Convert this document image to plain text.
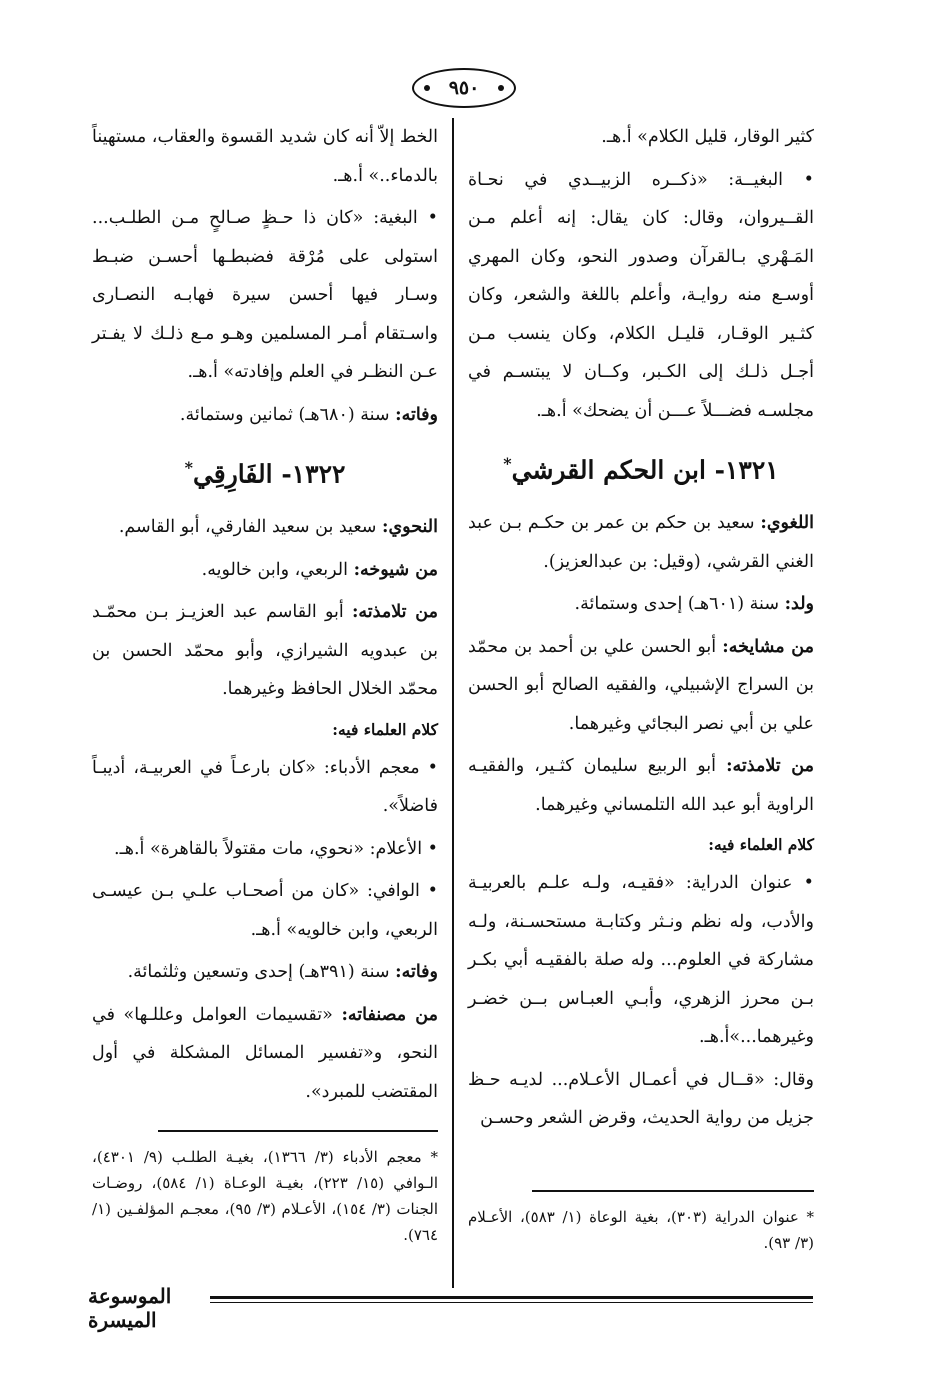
٩٥٠

كثير الوقار، قليل الكلام» أ.هـ.

• البغيــة: «ذكــره الزبيــدي في نحـاة القــيروان، وقال: كان يقال: إنه أعلم مـن المَـهْري بـالقرآن وصدور النحو، وكان المهري أوسـع منه روايـة، وأعلم باللغة والشعر، وكان كثـير الوقـار، قليـل الكلام، وكان ينسب مـن أجـل ذلـك إلى الكـبر، وكــان لا يبتسـم في مجلسـه فضـــلاً عـــن أن يضحك» أ.هـ.

١٣٢١- ابن الحكم القرشي*

اللغوي: سعيد بن حكم بن عمر بن حكـم بـن عبد الغني القرشي، (وقيل: بن عبدالعزيز).

ولد: سنة (٦٠١هـ) إحدى وستمائة.

من مشايخه: أبو الحسن علي بن أحمد بن محمّد بن السراج الإشبيلي، والفقيه الصالح أبو الحسن علي بن أبي نصر البجائي وغيرهما.

من تلامذته: أبو الربيع سليمان كثـير، والفقيـه الراوية أبو عبد الله التلمساني وغيرهما.

كلام العلماء فيه:

• عنوان الدراية: «فقيـه، ولـه علـم بالعربيـة والأدب، وله نظم ونـثر وكتابـة مستحسـنة، ولـه مشاركة في العلوم... وله صلة بالفقيـه أبي بكـر بـن محرز الزهري، وأبـي العبـاس بــن خضـر وغيرهما...»أ.هـ.

وقال: «قــال في أعمـال الأعـلام... لديـه حـظ جزيل من رواية الحديث، وقرض الشعر وحسـن

* عنوان الدراية (٣٠٣)، بغية الوعاة (١/ ٥٨٣)، الأعـلام (٣/ ٩٣).

الخط إلاّ أنه كان شديد القسوة والعقاب، مستهيناً بالدماء..» أ.هـ.

• البغية: «كان ذا حـظٍ صـالحٍ مـن الطلـب... استولى على مُرْقة فضبطـها أحسـن ضبـط وسـار فيها أحسن سيرة فهابـه النصـارى واسـتقام أمـر المسلمين وهـو مـع ذلـك لا يفـتر عـن النظـر في العلم وإفادته» أ.هـ.

وفاته: سنة (٦٨٠هـ) ثمانين وستمائة.

١٣٢٢- الفَارِقِي*

النحوي: سعيد بن سعيد الفارقي، أبو القاسم.

من شيوخه: الربعي، وابن خالويه.

من تلامذته: أبو القاسم عبد العزيـز بـن محمّـد بن عبدويه الشيرازي، وأبو محمّد الحسن بن محمّد الخلال الحافظ وغيرهما.

كلام العلماء فيه:

• معجم الأدباء: «كان بارعـاً في العربيـة، أديبـاً فاضلاً».

• الأعلام: «نحوي، مات مقتولاً بالقاهرة» أ.هـ.

• الوافي: «كان من أصحـاب علـي بـن عيسـى الربعي، وابن خالويه» أ.هـ.

وفاته: سنة (٣٩١هـ) إحدى وتسعين وثلثمائة.

من مصنفاته: «تقسيمات العوامل وعللـها» في النحو، و«تفسير المسائل المشكلة في أول المقتضب للمبرد».

* معجم الأدباء (٣/ ١٣٦٦)، بغيـة الطلـب (٩/ ٤٣٠١)، الـوافي (١٥/ ٢٢٣)، بغيـة الوعـاة (١/ ٥٨٤)، روضـات الجنات (٣/ ١٥٤)، الأعـلام (٣/ ٩٥)، معجـم المؤلفـين (١/ ٧٦٤).
الموسوعة الميسرة
